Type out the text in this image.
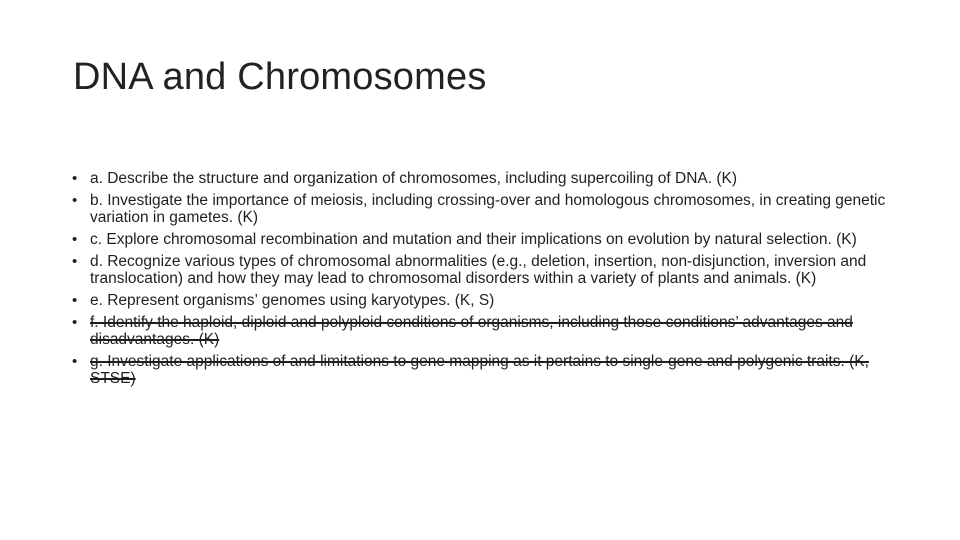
DNA and Chromosomes
• a. Describe the structure and organization of chromosomes, including supercoiling of DNA. (K)
• b. Investigate the importance of meiosis, including crossing-over and homologous chromosomes, in creating genetic variation in gametes. (K)
• c. Explore chromosomal recombination and mutation and their implications on evolution by natural selection. (K)
• d. Recognize various types of chromosomal abnormalities (e.g., deletion, insertion, non-disjunction, inversion and translocation) and how they may lead to chromosomal disorders within a variety of plants and animals. (K)
• e. Represent organisms’ genomes using karyotypes. (K, S)
• f. Identify the haploid, diploid and polyploid conditions of organisms, including those conditions’ advantages and disadvantages. (K)
• g. Investigate applications of and limitations to gene mapping as it pertains to single-gene and polygenic traits. (K, STSE)
